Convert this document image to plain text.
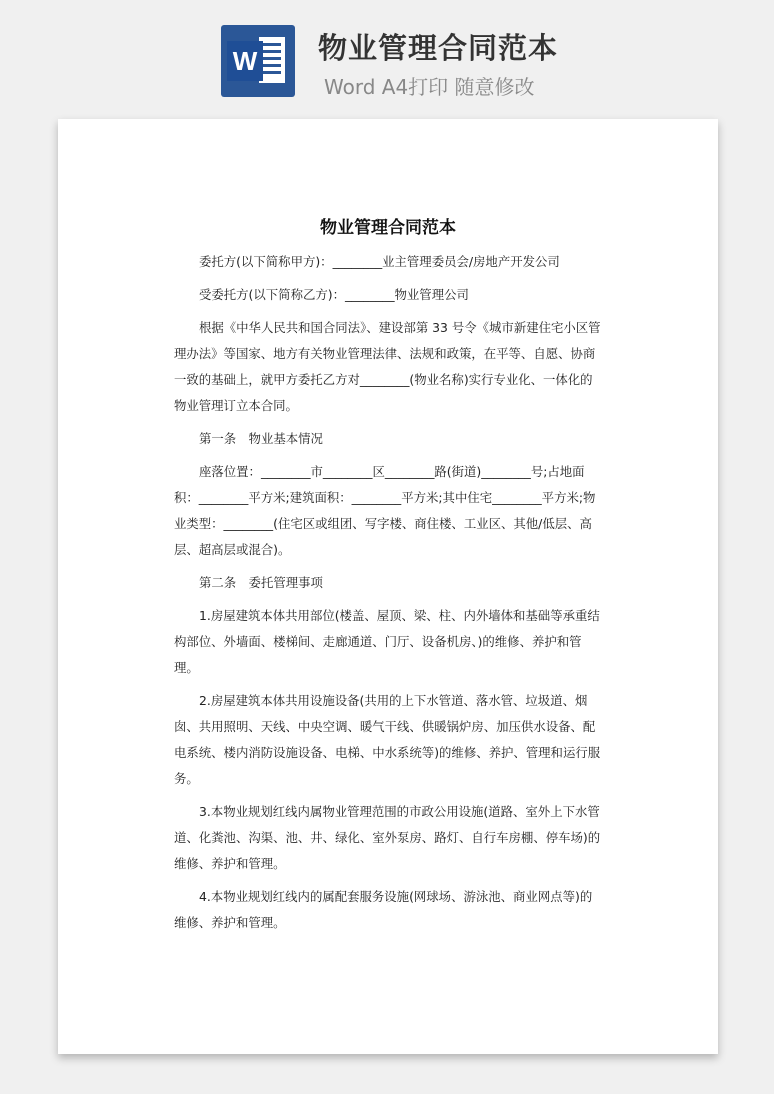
W 物业管理合同范本
Word A4打印 随意修改
物业管理合同范本

委托方(以下简称甲方)：________业主管理委员会/房地产开发公司

受委托方(以下简称乙方)：________物业管理公司

根据《中华人民共和国合同法》、建设部第 33 号令《城市新建住宅小区管理办法》等国家、地方有关物业管理法律、法规和政策，在平等、自愿、协商一致的基础上，就甲方委托乙方对________(物业名称)实行专业化、一体化的物业管理订立本合同。

第一条　物业基本情况

座落位置：________市________区________路(街道)________号;占地面积：________平方米;建筑面积：________平方米;其中住宅________平方米;物业类型：________(住宅区或组团、写字楼、商住楼、工业区、其他/低层、高层、超高层或混合)。

第二条　委托管理事项

1.房屋建筑本体共用部位(楼盖、屋顶、梁、柱、内外墙体和基础等承重结构部位、外墙面、楼梯间、走廊通道、门厅、设备机房、)的维修、养护和管理。

2.房屋建筑本体共用设施设备(共用的上下水管道、落水管、垃圾道、烟囱、共用照明、天线、中央空调、暖气干线、供暖锅炉房、加压供水设备、配电系统、楼内消防设施设备、电梯、中水系统等)的维修、养护、管理和运行服务。

3.本物业规划红线内属物业管理范围的市政公用设施(道路、室外上下水管道、化粪池、沟渠、池、井、绿化、室外泵房、路灯、自行车房棚、停车场)的维修、养护和管理。

4.本物业规划红线内的属配套服务设施(网球场、游泳池、商业网点等)的维修、养护和管理。
